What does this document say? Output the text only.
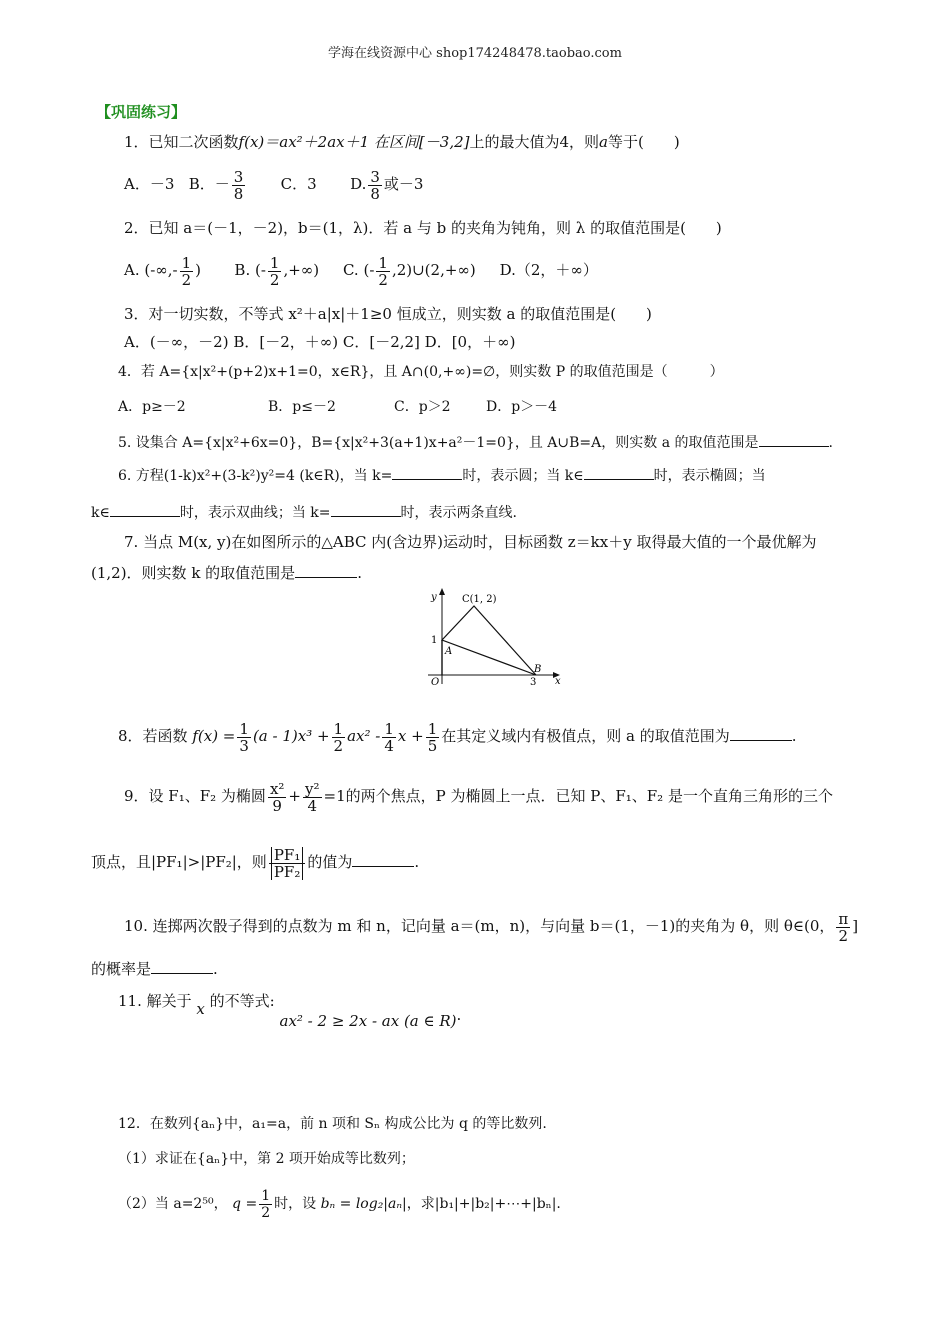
学海在线资源中心 shop174248478.taobao.com
【巩固练习】
1．已知二次函数f(x)＝ax²＋2ax＋1 在区间[－3,2]上的最大值为4，则a等于(　　)
A．－3 B．－ $\frac{3}{8}$ C．3 D. $\frac{3}{8}$ 或－3
2．已知 a＝(－1，－2)，b＝(1，λ)．若 a 与 b 的夹角为钝角，则 λ 的取值范围是(　　)
A. (-∞,- $\frac{1}{2}$ ) B. (- $\frac{1}{2}$ ,+∞) C. (- $\frac{1}{2}$ ,2)∪(2,+∞) D.（2，＋∞）
3．对一切实数，不等式 x²＋a|x|＋1≥0 恒成立，则实数 a 的取值范围是(　　)
A．(－∞，－2) B．[－2，＋∞) C．[－2,2] D．[0，＋∞)
4．若 A={x|x²+(p+2)x+1=0，x∈R}，且 A∩(0,+∞)=∅，则实数 P 的取值范围是（　　　）
A．p≥－2	B．p≤－2	C．p＞2	D．p＞－4
5. 设集合 A={x|x²+6x=0}，B={x|x²+3(a+1)x+a²－1=0}，且 A∪B=A，则实数 a 的取值范围是	.
6. 方程(1-k)x²+(3-k²)y²=4 (k∈R)，当 k=	时，表示圆；当 k∈	时，表示椭圆；当
k∈	时，表示双曲线；当 k=	时，表示两条直线.
7. 当点 M(x, y)在如图所示的△ABC 内(含边界)运动时，目标函数 z＝kx＋y 取得最大值的一个最优解为
(1,2)．则实数 k 的取值范围是	.
y
x
C(1, 2)
1
A
O
B
3
8．若函数 $f(x) = \frac{1}{3} (a - 1)x^3 + \frac{1}{2} ax^2 - \frac{1}{4}$ $x + \frac{1}{5}$ 在其定义域内有极值点，则 a 的取值范围为	.
9．设 F₁、F₂ 为椭圆 $\frac{\text{x²}}{9} + \frac{\text{y²}}{4} =1$的两个焦点，P 为椭圆上一点．已知 P、F₁、F₂ 是一个直角三角形的三个
顶点，且|PF₁|>|PF₂|，则 $\frac{\text{PF₁}}{\text{PF₂}}$ 的值为	.
10. 连掷两次骰子得到的点数为 m 和 n，记向量 a＝(m，n)，与向量 b＝(1，－1)的夹角为 θ，则 θ∈(0， $\frac{\pi}{2}$ ]
的概率是	.
11. 解关于 x 的不等式: ax² - 2 ≥ 2x - ax (a ∈ R).
12．在数列{aₙ}中，a₁=a，前 n 项和 Sₙ 构成公比为 q 的等比数列.
（1）求证在{aₙ}中，第 2 项开始成等比数列；
（2）当 a=2⁵⁰， $q = \frac{1}{2}$ 时，设 bₙ = log₂|aₙ|，求|b₁|+|b₂|+⋯+|bₙ|.
